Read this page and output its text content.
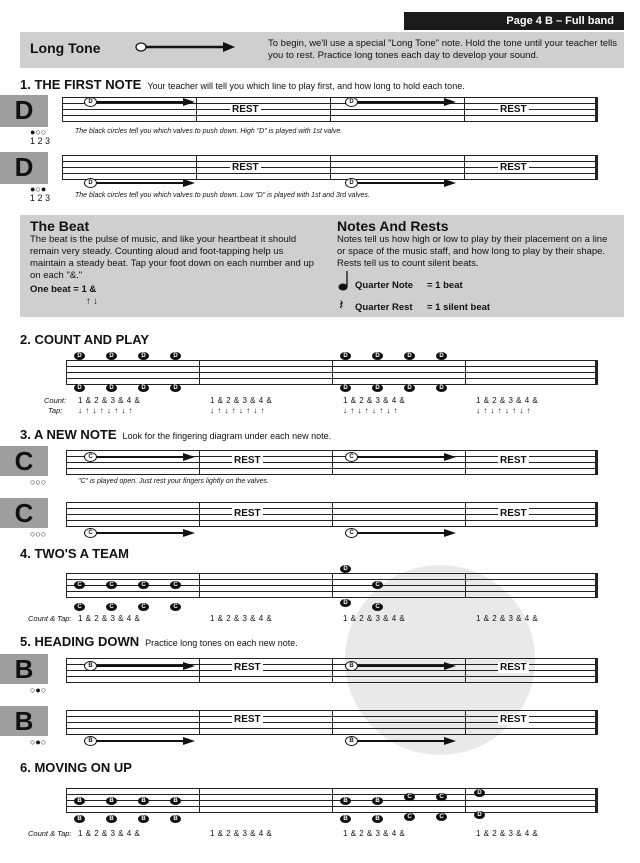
Page 4 B – Full band
Long Tone	To begin, we'll use a special "Long Tone" note. Hold the tone until your teacher tells you to rest. Practice long tones each day to develop your sound.
1. THE FIRST NOTE Your teacher will tell you which line to play first, and how long to hold each tone.
D
●○○
1 2 3
D
REST
D
REST
The black circles tell you which valves to push down. High "D" is played with 1st valve.
D
●○●
1 2 3
REST	REST
D	D
The black circles tell you which valves to push down. Low "D" is played with 1st and 3rd valves.
The Beat
The beat is the pulse of music, and like your heartbeat it should remain very steady. Counting aloud and foot-tapping help us maintain a steady beat. Tap your foot down on each number and up on each "&."
One beat = 1 &
↑ ↓
Notes And Rests
Notes tell us how high or low to play by their placement on a line or space of the music staff, and how long to play by their shape. Rests tell us to count silent beats.
Quarter Note = 1 beat
𝄽 Quarter Rest = 1 silent beat
2. COUNT AND PLAY
D	D	D	D
D	D	D	D
D	D	D	D
D	D	D	D
Count:
Tap:
1 & 2 & 3 & 4 &	1 & 2 & 3 & 4 &	1 & 2 & 3 & 4 &	1 & 2 & 3 & 4 &
↓ ↑ ↓ ↑ ↓ ↑ ↓ ↑	↓ ↑ ↓ ↑ ↓ ↑ ↓ ↑	↓ ↑ ↓ ↑ ↓ ↑ ↓ ↑	↓ ↑ ↓ ↑ ↓ ↑ ↓ ↑
3. A NEW NOTE Look for the fingering diagram under each new note.
C
○○○
C	REST	C	REST
"C" is played open. Just rest your fingers lightly on the valves.
C
○○○
REST	REST
C	C
4. TWO'S A TEAM
C	C	C	C
C	C	C	C
D
C
D
C
Count & Tap: 1 & 2 & 3 & 4 &	1 & 2 & 3 & 4 &	1 & 2 & 3 & 4 &	1 & 2 & 3 & 4 &
5. HEADING DOWN Practice long tones on each new note.
B
○●○
B	REST	B	REST
B
○●○
REST	REST
B	B
6. MOVING ON UP
B	B	B	B
B	B	B	B
B	B
C	C
D
B	B	C	C	D
Count & Tap: 1 & 2 & 3 & 4 &	1 & 2 & 3 & 4 &	1 & 2 & 3 & 4 &	1 & 2 & 3 & 4 &
